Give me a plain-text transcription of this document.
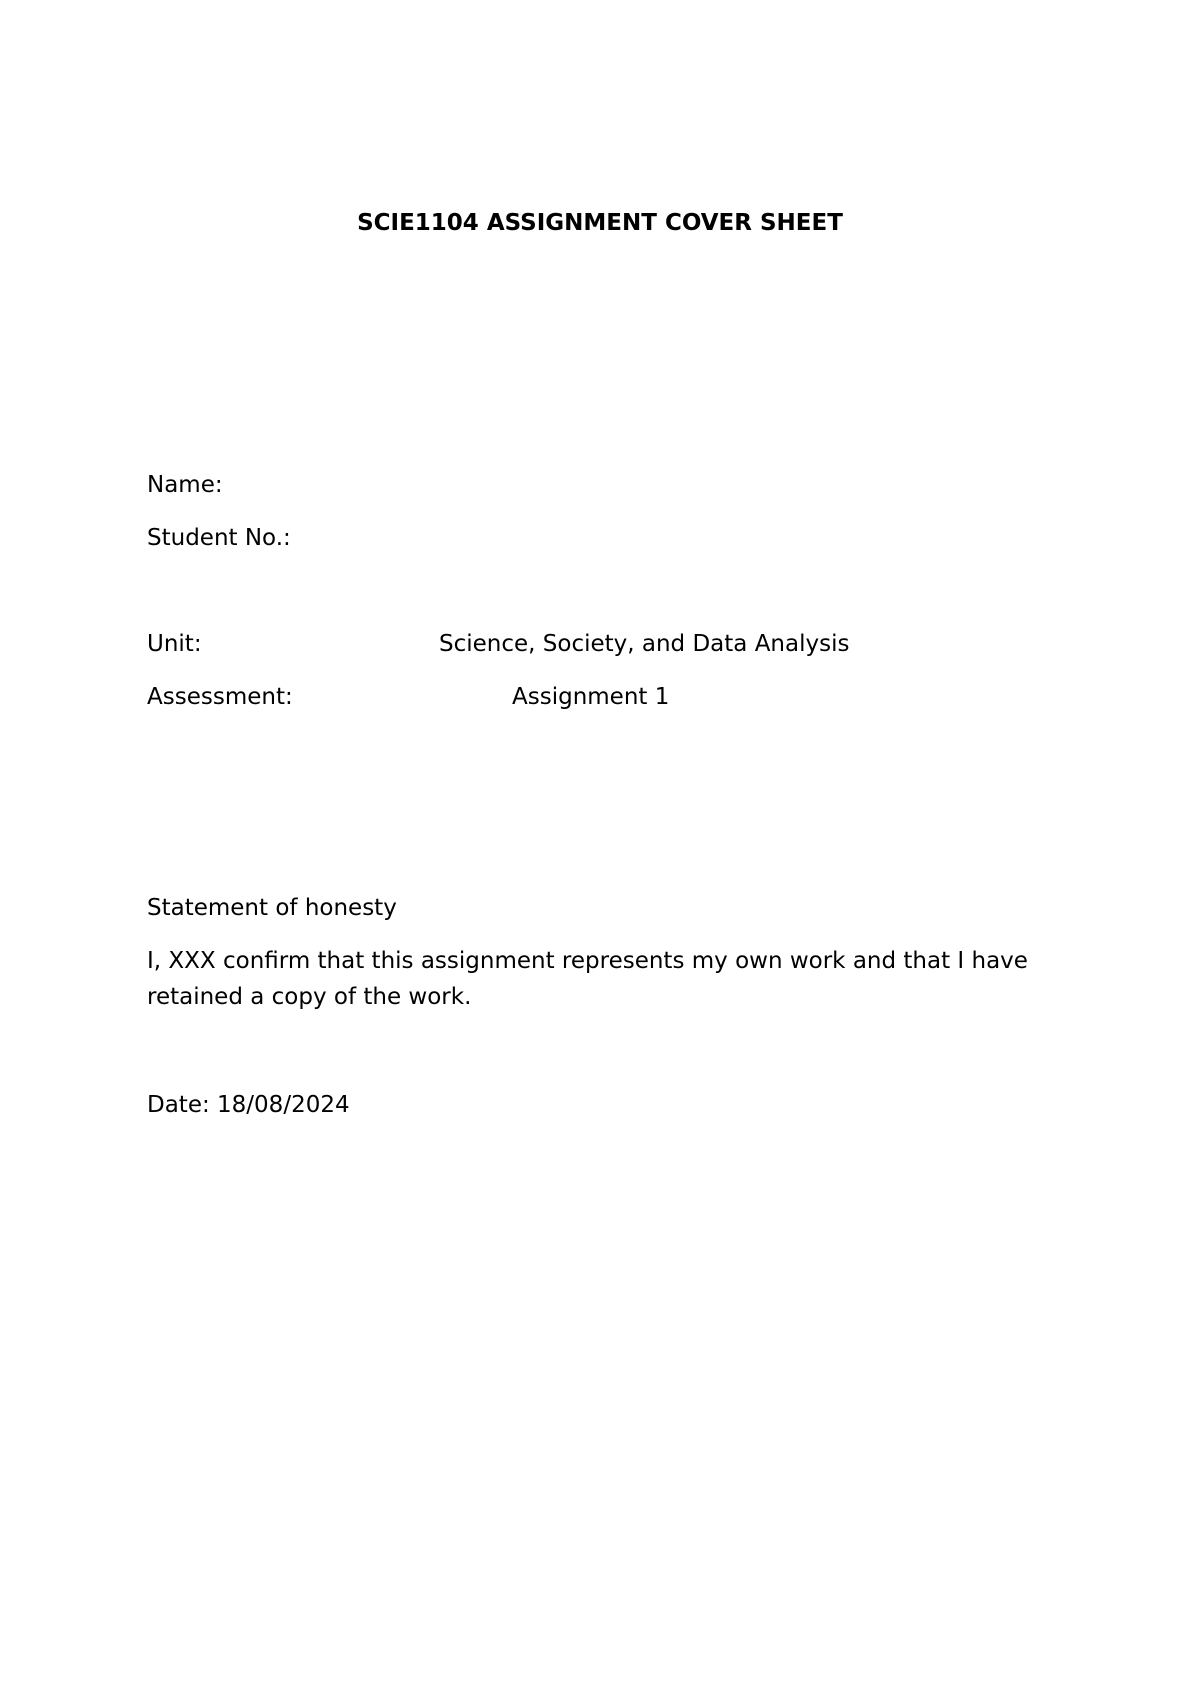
SCIE1104 ASSIGNMENT COVER SHEET
Name:
Student No.:
Unit:	Science, Society, and Data Analysis
Assessment:	Assignment 1
Statement of honesty
I, XXX confirm that this assignment represents my own work and that I have retained a copy of the work.
Date: 18/08/2024
